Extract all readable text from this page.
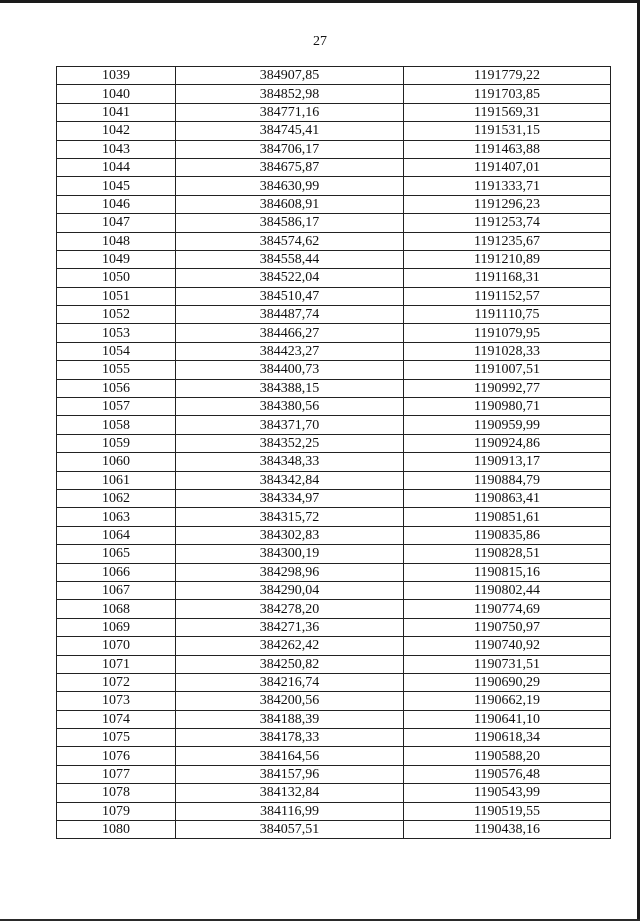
27
1039	384907,85	1191779,22
1040	384852,98	1191703,85
1041	384771,16	1191569,31
1042	384745,41	1191531,15
1043	384706,17	1191463,88
1044	384675,87	1191407,01
1045	384630,99	1191333,71
1046	384608,91	1191296,23
1047	384586,17	1191253,74
1048	384574,62	1191235,67
1049	384558,44	1191210,89
1050	384522,04	1191168,31
1051	384510,47	1191152,57
1052	384487,74	1191110,75
1053	384466,27	1191079,95
1054	384423,27	1191028,33
1055	384400,73	1191007,51
1056	384388,15	1190992,77
1057	384380,56	1190980,71
1058	384371,70	1190959,99
1059	384352,25	1190924,86
1060	384348,33	1190913,17
1061	384342,84	1190884,79
1062	384334,97	1190863,41
1063	384315,72	1190851,61
1064	384302,83	1190835,86
1065	384300,19	1190828,51
1066	384298,96	1190815,16
1067	384290,04	1190802,44
1068	384278,20	1190774,69
1069	384271,36	1190750,97
1070	384262,42	1190740,92
1071	384250,82	1190731,51
1072	384216,74	1190690,29
1073	384200,56	1190662,19
1074	384188,39	1190641,10
1075	384178,33	1190618,34
1076	384164,56	1190588,20
1077	384157,96	1190576,48
1078	384132,84	1190543,99
1079	384116,99	1190519,55
1080	384057,51	1190438,16
